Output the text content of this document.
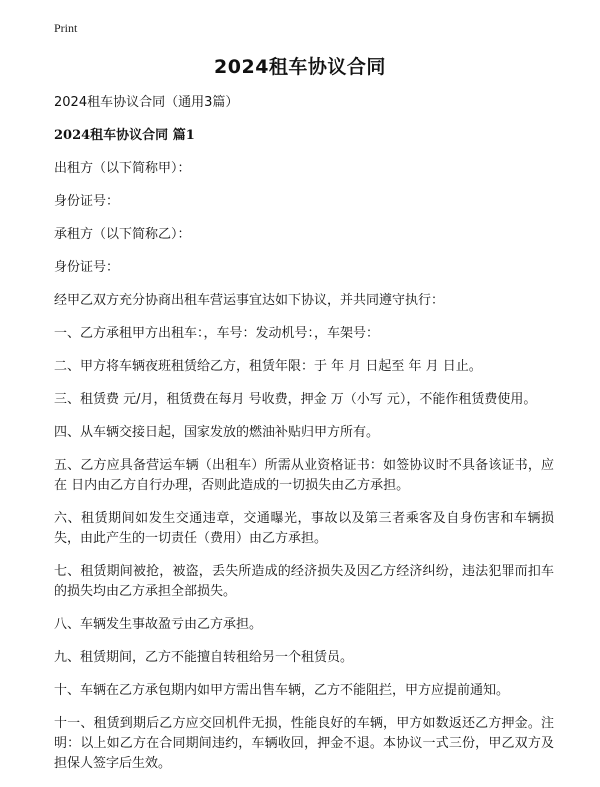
Print
2024租车协议合同

2024租车协议合同（通用3篇）

2024租车协议合同 篇1

出租方（以下简称甲）：

身份证号：

承租方（以下简称乙）：

身份证号：

经甲乙双方充分协商出租车营运事宜达如下协议，并共同遵守执行：

一、乙方承租甲方出租车：，车号：发动机号：，车架号：

二、甲方将车辆夜班租赁给乙方，租赁年限：于 年 月 日起至 年 月 日止。

三、租赁费 元/月，租赁费在每月 号收费，押金 万（小写 元），不能作租赁费使用。

四、从车辆交接日起，国家发放的燃油补贴归甲方所有。

五、乙方应具备营运车辆（出租车）所需从业资格证书：如签协议时不具备该证书，应在 日内由乙方自行办理，否则此造成的一切损失由乙方承担。

六、租赁期间如发生交通违章，交通曝光，事故以及第三者乘客及自身伤害和车辆损失，由此产生的一切责任（费用）由乙方承担。

七、租赁期间被抢，被盗，丢失所造成的经济损失及因乙方经济纠纷，违法犯罪而扣车的损失均由乙方承担全部损失。

八、车辆发生事故盈亏由乙方承担。

九、租赁期间，乙方不能擅自转租给另一个租赁员。

十、车辆在乙方承包期内如甲方需出售车辆，乙方不能阻拦，甲方应提前通知。

十一、租赁到期后乙方应交回机件无损，性能良好的车辆，甲方如数返还乙方押金。注明：以上如乙方在合同期间违约，车辆收回，押金不退。本协议一式三份，甲乙双方及担保人签字后生效。
